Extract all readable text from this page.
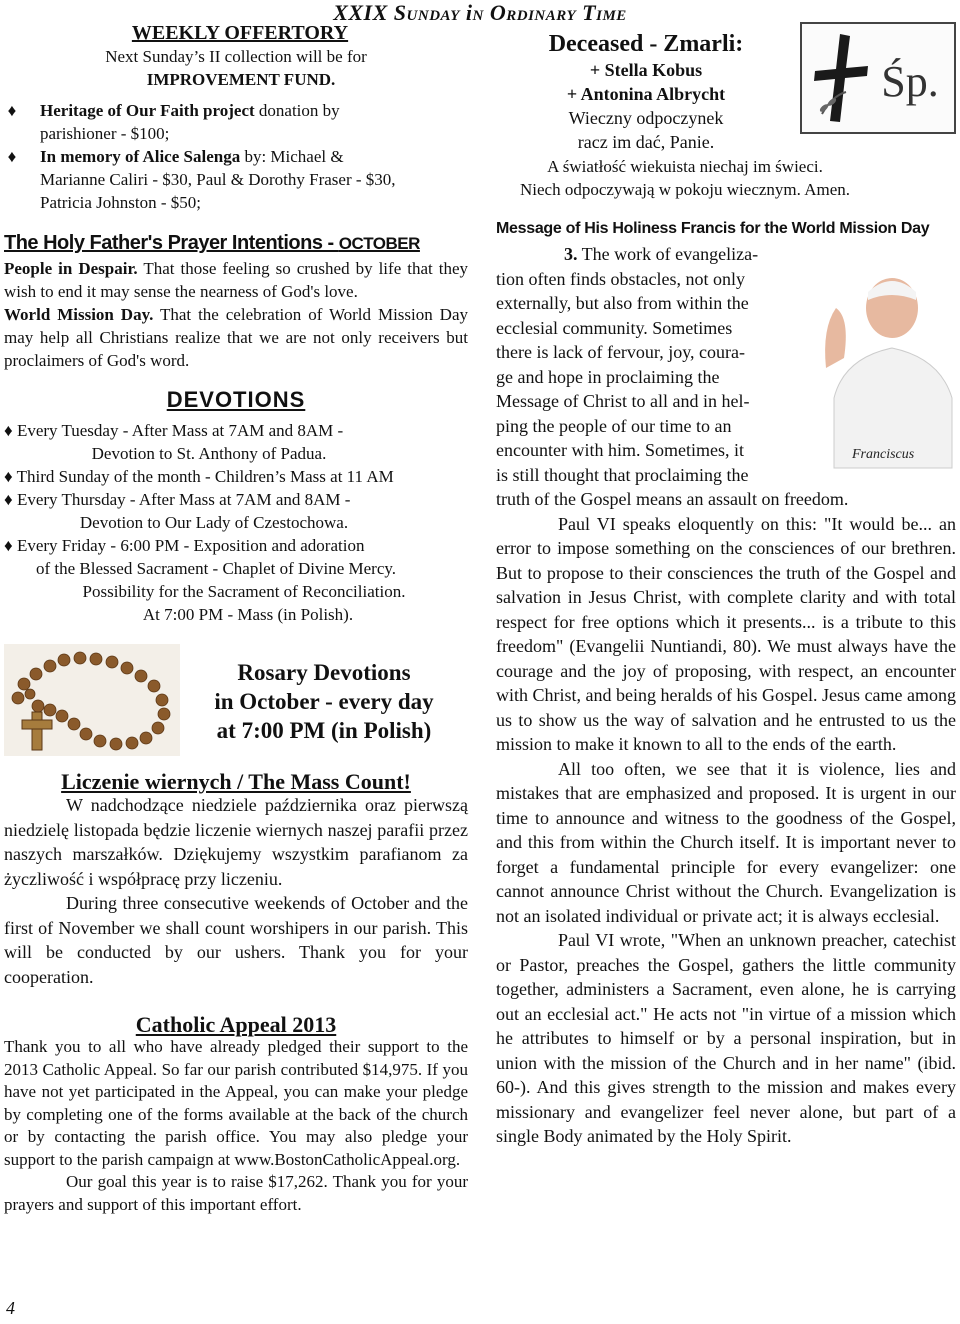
XXIX Sunday in Ordinary Time
WEEKLY OFFERTORY
Next Sunday’s II collection will be for
IMPROVEMENT FUND.
♦ Heritage of Our Faith project donation by
parishioner - $100;
♦ In memory of Alice Salenga by: Michael &
Marianne Caliri - $30, Paul & Dorothy Fraser - $30,
Patricia Johnston - $50;
The Holy Father's Prayer Intentions - OCTOBER
People in Despair. That those feeling so crushed by life that they wish to end it may sense the nearness of God's love.
World Mission Day. That the celebration of World Mission Day may help all Christians realize that we are not only receivers but proclaimers of God's word.
DEVOTIONS
♦ Every Tuesday - After Mass at 7AM and 8AM -
Devotion to St. Anthony of Padua.
♦ Third Sunday of the month - Children’s Mass at 11 AM
♦ Every Thursday - After Mass at 7AM and 8AM -
Devotion to Our Lady of Czestochowa.
♦ Every Friday - 6:00 PM - Exposition and adoration
of the Blessed Sacrament - Chaplet of Divine Mercy.
Possibility for the Sacrament of Reconciliation.
At 7:00 PM - Mass (in Polish).
Rosary Devotions
in October - every day
at 7:00 PM (in Polish)
Liczenie wiernych / The Mass Count!
W nadchodzące niedziele października oraz pierwszą niedzielę listopada będzie liczenie wiernych naszej parafii przez naszych marszałków. Dziękujemy wszystkim parafianom za życzliwość i współpracę przy liczeniu.
During three consecutive weekends of October and the first of November we shall count worshipers in our parish. This will be conducted by our ushers. Thank you for your cooperation.
Catholic Appeal 2013
Thank you to all who have already pledged their support to the 2013 Catholic Appeal. So far our parish contributed $14,975. If you have not yet participated in the Appeal, you can make your pledge by completing one of the forms available at the back of the church or by contacting the parish office. You may also pledge your support to the parish campaign at www.BostonCatholicAppeal.org.
Our goal this year is to raise $17,262. Thank you for your prayers and support of this important effort.
4
Deceased - Zmarli:
+ Stella Kobus
+ Antonina Albrycht
Wieczny odpoczynek
racz im dać, Panie.
Śp.
A światłość wiekuista niechaj im świeci.
Niech odpoczywają w pokoju wiecznym. Amen.
Message of His Holiness Francis for the World Mission Day
Franciscus
3. The work of evangeliza-
tion often finds obstacles, not only
externally, but also from within the
ecclesial community. Sometimes
there is lack of fervour, joy, coura-
ge and hope in proclaiming the
Message of Christ to all and in hel-
ping the people of our time to an
encounter with him. Sometimes, it
is still thought that proclaiming the
truth of the Gospel means an assault on freedom.
Paul VI speaks eloquently on this: "It would be... an error to impose something on the consciences of our brethren. But to propose to their consciences the truth of the Gospel and salvation in Jesus Christ, with complete clarity and with total respect for free options which it presents... is a tribute to this freedom" (Evangelii Nuntiandi, 80). We must always have the courage and the joy of proposing, with respect, an encounter with Christ, and being heralds of his Gospel. Jesus came among us to show us the way of salvation and he entrusted to us the mission to make it known to all to the ends of the earth.
All too often, we see that it is violence, lies and mistakes that are emphasized and proposed. It is urgent in our time to announce and witness to the goodness of the Gospel, and this from within the Church itself. It is important never to forget a fundamental principle for every evangelizer: one cannot announce Christ without the Church. Evangelization is not an isolated individual or private act; it is always ecclesial.
Paul VI wrote, "When an unknown preacher, catechist or Pastor, preaches the Gospel, gathers the little community together, administers a Sacrament, even alone, he is carrying out an ecclesial act." He acts not "in virtue of a mission which he attributes to himself or by a personal inspiration, but in union with the mission of the Church and in her name" (ibid. 60-). And this gives strength to the mission and makes every missionary and evangelizer feel never alone, but part of a single Body animated by the Holy Spirit.
